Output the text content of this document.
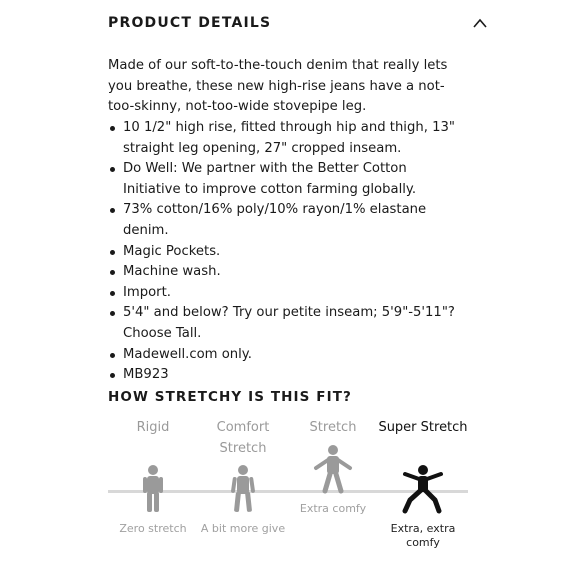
PRODUCT DETAILS

Made of our soft-to-the-touch denim that really lets you breathe, these new high-rise jeans have a not-too-skinny, not-too-wide stovepipe leg.

10 1/2" high rise, fitted through hip and thigh, 13" straight leg opening, 27" cropped inseam.
Do Well: We partner with the Better Cotton Initiative to improve cotton farming globally.
73% cotton/16% poly/10% rayon/1% elastane denim.
Magic Pockets.
Machine wash.
Import.
5'4" and below? Try our petite inseam; 5'9"-5'11"? Choose Tall.
Madewell.com only.
MB923
HOW STRETCHY IS THIS FIT?
Rigid
Zero stretch
Comfort Stretch
A bit more give
Stretch
Extra comfy
Super Stretch
Extra, extra comfy
